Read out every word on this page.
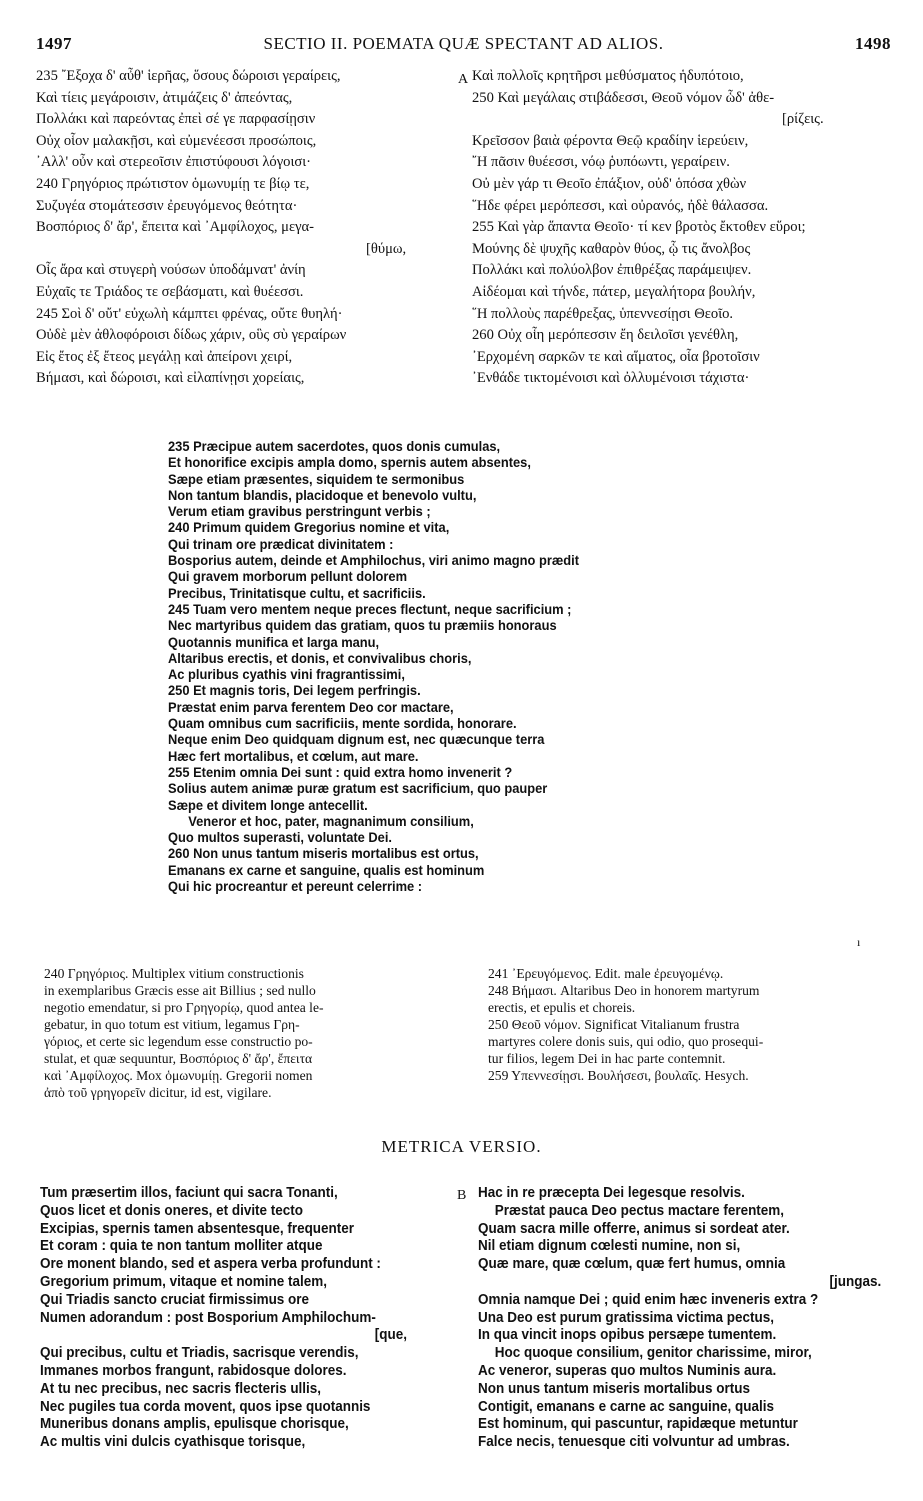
1497	SECTIO II. POEMATA QUÆ SPECTANT AD ALIOS.	1498
A
B
235 ῎Εξοχα δ' αὖθ' ἱερῆας, ὅσους δώροισι γεραίρεις,
Καὶ τίεις μεγάροισιν, ἀτιμάζεις δ' ἀπεόντας,
Πολλάκι καὶ παρεόντας ἐπεὶ σέ γε παρφασίῃσιν
Οὐχ οἷον μαλακῇσι, καὶ εὐμενέεσσι προσώποις,
᾿Αλλ' οὖν καὶ στερεοῖσιν ἐπιστύφουσι λόγοισι·
240 Γρηγόριος πρώτιστον ὁμωνυμίῃ τε βίῳ τε,
Συζυγέα στομάτεσσιν ἐρευγόμενος θεότητα·
Βοσπόριος δ' ἄρ', ἔπειτα καὶ ᾿Αμφίλοχος, μεγα-
[θύμω,
Οἷς ἄρα καὶ στυγερὴ νούσων ὑποδάμνατ' ἀνίη
Εὐχαῖς τε Τριάδος τε σεβάσματι, καὶ θυέεσσι.
245 Σοὶ δ' οὔτ' εὐχωλὴ κάμπτει φρένας, οὔτε θυηλή·
Οὐδὲ μὲν ἀθλοφόροισι δίδως χάριν, οὓς σὺ γεραίρων
Εἰς ἔτος ἐξ ἔτεος μεγάλῃ καὶ ἀπείρονι χειρί,
Βήμασι, καὶ δώροισι, καὶ εἰλαπίνῃσι χορείαις,
Καὶ πολλοῖς κρητῆρσι μεθύσματος ἡδυπότοιο,
250 Καὶ μεγάλαις στιβάδεσσι, Θεοῦ νόμον ὧδ' ἀθε-
[ρίζεις.
Κρεῖσσον βαιὰ φέροντα Θεῷ κραδίην ἱερεύειν,
῎Η πᾶσιν θυέεσσι, νόῳ ῥυπόωντι, γεραίρειν.
Οὐ μὲν γάρ τι Θεοῖο ἐπάξιον, οὐδ' ὁπόσα χθὼν
῞Ηδε φέρει μερόπεσσι, καὶ οὐρανός, ἠδὲ θάλασσα.
255 Καὶ γὰρ ἅπαντα Θεοῖο· τί κεν βροτὸς ἔκτοθεν εὕροι;
Μούνης δὲ ψυχῆς καθαρὸν θύος, ᾧ τις ἄνολβος
Πολλάκι καὶ πολύολβον ἐπιθρέξας παράμειψεν.
Αἰδέομαι καὶ τήνδε, πάτερ, μεγαλήτορα βουλήν,
῞Η πολλοὺς παρέθρεξας, ὑπεννεσίῃσι Θεοῖο.
260 Οὐχ οἷη μερόπεσσιν ἔη δειλοῖσι γενέθλη,
᾿Ερχομένη σαρκῶν τε καὶ αἵματος, οἷα βροτοῖσιν
᾿Ενθάδε τικτομένοισι καὶ ὀλλυμένοισι τάχιστα·
235 Præcipue autem sacerdotes, quos donis cumulas,
Et honorifice excipis ampla domo, spernis autem absentes,
Sæpe etiam præsentes, siquidem te sermonibus
Non tantum blandis, placidoque et benevolo vultu,
Verum etiam gravibus perstringunt verbis ;
240 Primum quidem Gregorius nomine et vita,
Qui trinam ore prædicat divinitatem :
Bosporius autem, deinde et Amphilochus, viri animo magno prædit
Qui gravem morborum pellunt dolorem
Precibus, Trinitatisque cultu, et sacrificiis.
245 Tuam vero mentem neque preces flectunt, neque sacrificium ;
Nec martyribus quidem das gratiam, quos tu præmiis honoraus
Quotannis munifica et larga manu,
Altaribus erectis, et donis, et convivalibus choris,
Ac pluribus cyathis vini fragrantissimi,
250 Et magnis toris, Dei legem perfringis.
Præstat enim parva ferentem Deo cor mactare,
Quam omnibus cum sacrificiis, mente sordida, honorare.
Neque enim Deo quidquam dignum est, nec quæcunque terra
Hæc fert mortalibus, et cœlum, aut mare.
255 Etenim omnia Dei sunt : quid extra homo invenerit ?
Solius autem animæ puræ gratum est sacrificium, quo pauper
Sæpe et divitem longe antecellit.
Veneror et hoc, pater, magnanimum consilium,
Quo multos superasti, voluntate Dei.
260 Non unus tantum miseris mortalibus est ortus,
Emanans ex carne et sanguine, qualis est hominum
Qui hic procreantur et pereunt celerrime :
ı
240 Γρηγόριος. Multiplex vitium constructionis
in exemplaribus Græcis esse ait Billius ; sed nullo
negotio emendatur, si pro Γρηγορίῳ, quod antea le-
gebatur, in quo totum est vitium, legamus Γρη-
γόριος, et certe sic legendum esse constructio po-
stulat, et quæ sequuntur, Βοσπόριος δ' ἄρ', ἔπειτα
καὶ ᾿Αμφίλοχος. Mox ὁμωνυμίῃ. Gregorii nomen
ἀπὸ τοῦ γρηγορεῖν dicitur, id est, vigilare.
241 ᾿Ερευγόμενος. Edit. male ἐρευγομένῳ.
248 Βήμασι. Altaribus Deo in honorem martyrum
erectis, et epulis et choreis.
250 Θεοῦ νόμον. Significat Vitalianum frustra
martyres colere donis suis, qui odio, quo prosequi-
tur filios, legem Dei in hac parte contemnit.
259 Υπεννεσίῃσι. Βουλήσεσι, βουλαῖς. Hesych.
METRICA VERSIO.
Tum præsertim illos, faciunt qui sacra Tonanti,
Quos licet et donis oneres, et divite tecto
Excipias, spernis tamen absentesque, frequenter
Et coram : quia te non tantum molliter atque
Ore monent blando, sed et aspera verba profundunt :
Gregorium primum, vitaque et nomine talem,
Qui Triadis sancto cruciat firmissimus ore
Numen adorandum : post Bosporium Amphilochum-
[que,
Qui precibus, cultu et Triadis, sacrisque verendis,
Immanes morbos frangunt, rabidosque dolores.
At tu nec precibus, nec sacris flecteris ullis,
Nec pugiles tua corda movent, quos ipse quotannis
Muneribus donans amplis, epulisque chorisque,
Ac multis vini dulcis cyathisque torisque,
Hac in re præcepta Dei legesque resolvis.
Præstat pauca Deo pectus mactare ferentem,
Quam sacra mille offerre, animus si sordeat ater.
Nil etiam dignum cœlesti numine, non si,
Quæ mare, quæ cœlum, quæ fert humus, omnia
[jungas.
Omnia namque Dei ; quid enim hæc inveneris extra ?
Una Deo est purum gratissima victima pectus,
In qua vincit inops opibus persæpe tumentem.
Hoc quoque consilium, genitor charissime, miror,
Ac veneror, superas quo multos Numinis aura.
Non unus tantum miseris mortalibus ortus
Contigit, emanans e carne ac sanguine, qualis
Est hominum, qui pascuntur, rapidæque metuntur
Falce necis, tenuesque citi volvuntur ad umbras.
